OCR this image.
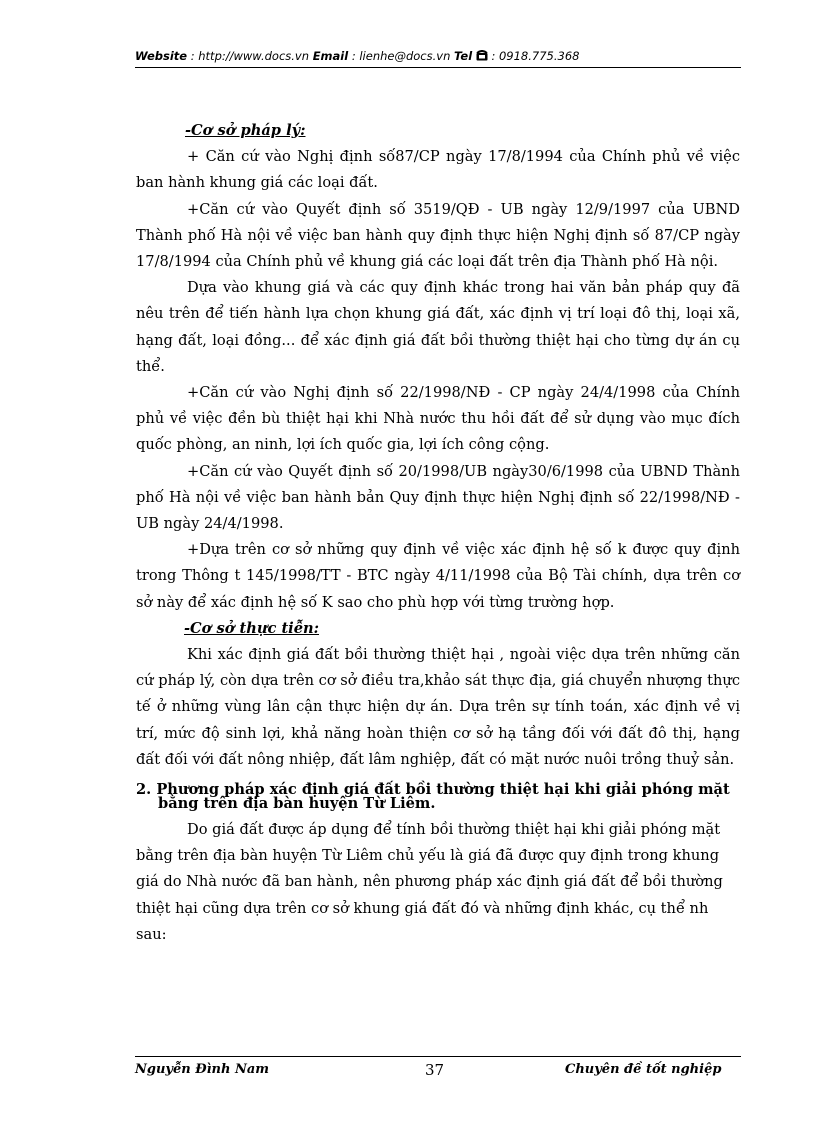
Website : http://www.docs.vn Email : lienhe@docs.vn Tel  : 0918.775.368

-Cơ sở pháp lý:

+ Căn cứ vào Nghị định số87/CP ngày 17/8/1994 của Chính phủ về việc ban hành khung giá các loại đất.

+Căn cứ vào Quyết định số 3519/QĐ - UB ngày 12/9/1997 của UBND Thành phố Hà nội về việc ban hành quy định thực hiện Nghị định số 87/CP ngày 17/8/1994 của Chính phủ về khung giá các loại đất trên địa Thành phố Hà nội.

Dựa vào khung giá và các quy định khác trong hai văn bản pháp quy đã nêu trên để tiến hành lựa chọn khung giá đất, xác định vị trí loại đô thị, loại xã, hạng đất, loại đồng... để xác định giá đất bồi thường thiệt hại cho từng dự án cụ thể.

+Căn cứ vào Nghị định số 22/1998/NĐ - CP ngày 24/4/1998 của Chính phủ về việc đền bù thiệt hại khi Nhà nước thu hồi đất để sử dụng vào mục đích quốc phòng, an ninh, lợi ích quốc gia, lợi ích công cộng.

+Căn cứ vào Quyết định số 20/1998/UB ngày30/6/1998 của UBND Thành phố Hà nội về việc ban hành bản Quy định thực hiện Nghị định số 22/1998/NĐ - UB ngày 24/4/1998.

+Dựa trên cơ sở những quy định về việc xác định hệ số k được quy định trong Thông t 145/1998/TT - BTC ngày 4/11/1998 của Bộ Tài chính, dựa trên cơ sở này để xác định hệ số K sao cho phù hợp với từng trường hợp.

-Cơ sở thực tiễn:

Khi xác định giá đất bồi thường thiệt hại , ngoài việc dựa trên những căn cứ pháp lý, còn dựa trên cơ sở điều tra,khảo sát thực địa, giá chuyển nhượng thực tế ở những vùng lân cận thực hiện dự án. Dựa trên sự tính toán, xác định về vị trí, mức độ sinh lợi, khả năng hoàn thiện cơ sở hạ tầng đối với đất đô thị, hạng đất đối với đất nông nhiệp, đất lâm nghiệp, đất có mặt nước nuôi trồng thuỷ sản.

2. Phương pháp xác định giá đất bồi thường thiệt hại khi giải phóng mặt
bằng trên địa bàn huyện Từ Liêm.

Do giá đất được áp dụng để tính bồi thường thiệt hại khi giải phóng mặt bằng trên địa bàn huyện Từ Liêm chủ yếu là giá đã được quy định trong khung giá do Nhà nước đã ban hành, nên phương pháp xác định giá đất để bồi thường thiệt hại cũng dựa trên cơ sở khung giá đất đó và những định khác, cụ thể nh sau:

Nguyễn Đình Nam	37	Chuyên đề tốt nghiệp
